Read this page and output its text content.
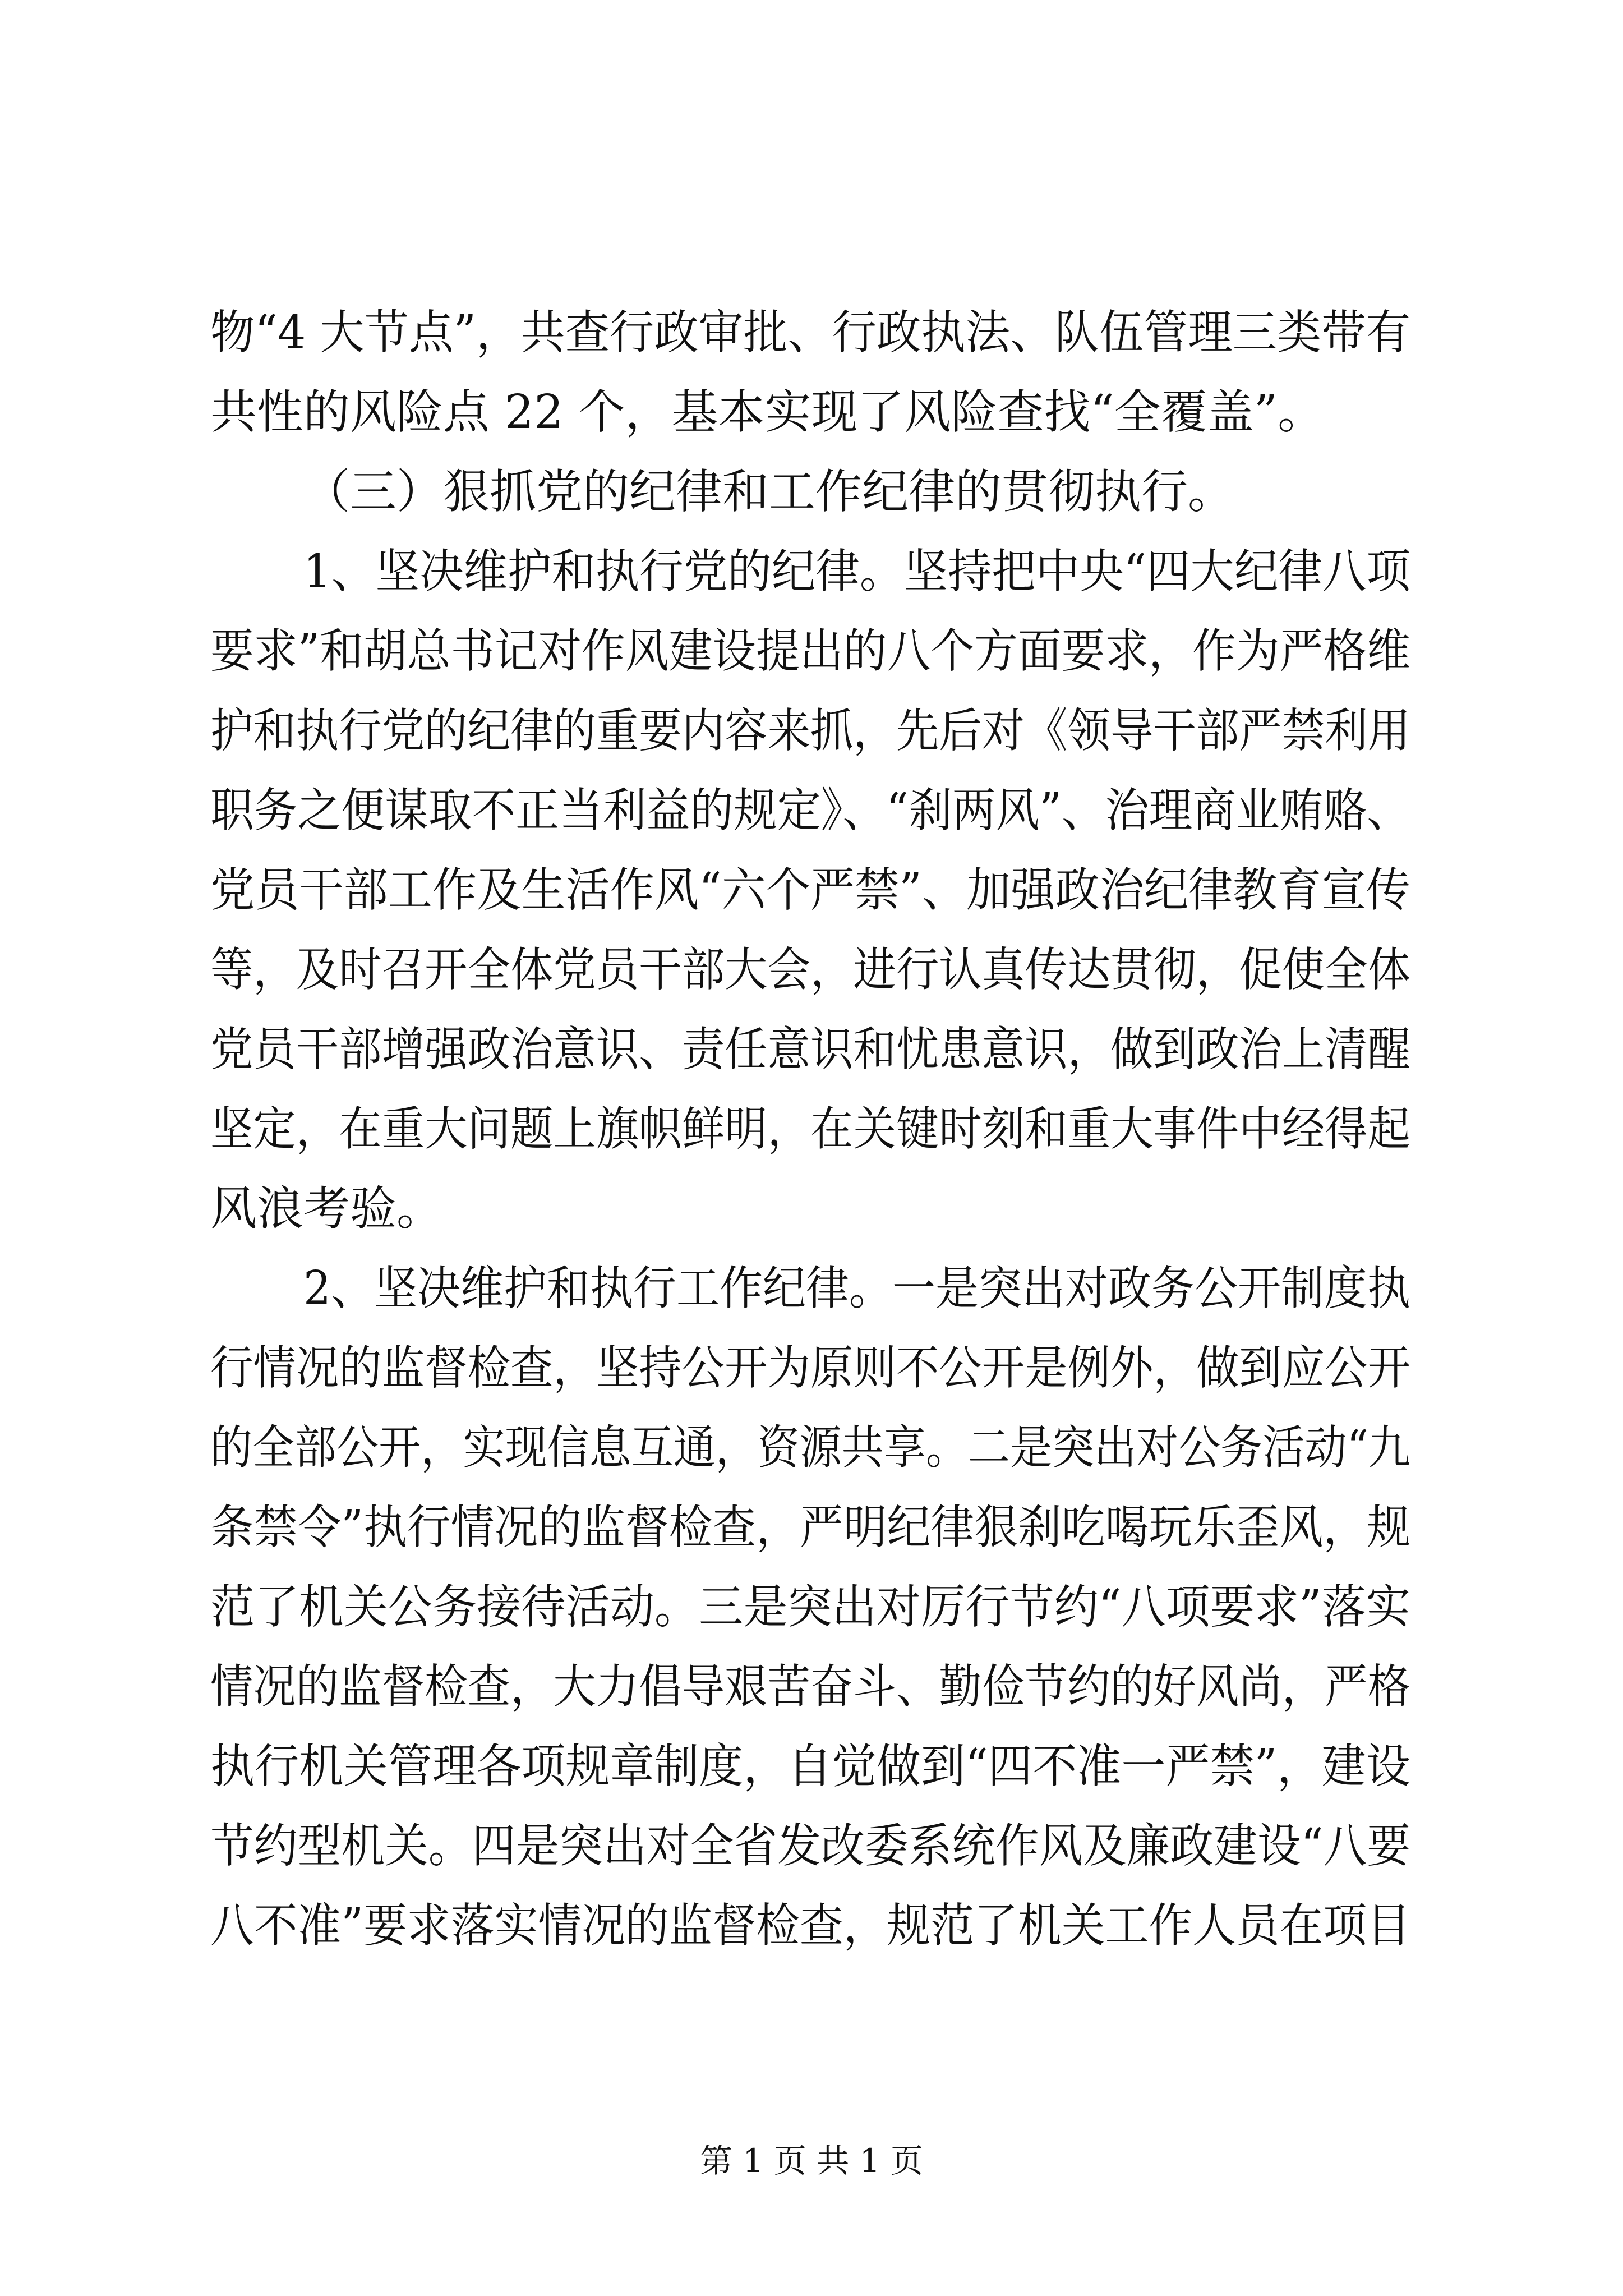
物“4 大节点”，共查行政审批、行政执法、队伍管理三类带有
共性的风险点 22 个，基本实现了风险查找“全覆盖”。
（三）狠抓党的纪律和工作纪律的贯彻执行。
1、坚决维护和执行党的纪律。坚持把中央“四大纪律八项
要求”和胡总书记对作风建设提出的八个方面要求，作为严格维
护和执行党的纪律的重要内容来抓，先后对《领导干部严禁利用
职务之便谋取不正当利益的规定》、“刹两风”、治理商业贿赂、
党员干部工作及生活作风“六个严禁”、加强政治纪律教育宣传
等，及时召开全体党员干部大会，进行认真传达贯彻，促使全体
党员干部增强政治意识、责任意识和忧患意识，做到政治上清醒
坚定，在重大问题上旗帜鲜明，在关键时刻和重大事件中经得起
风浪考验。
2、坚决维护和执行工作纪律。一是突出对政务公开制度执
行情况的监督检查，坚持公开为原则不公开是例外，做到应公开
的全部公开，实现信息互通，资源共享。二是突出对公务活动“九
条禁令”执行情况的监督检查，严明纪律狠刹吃喝玩乐歪风，规
范了机关公务接待活动。三是突出对厉行节约“八项要求”落实
情况的监督检查，大力倡导艰苦奋斗、勤俭节约的好风尚，严格
执行机关管理各项规章制度，自觉做到“四不准一严禁”，建设
节约型机关。四是突出对全省发改委系统作风及廉政建设“八要
八不准”要求落实情况的监督检查，规范了机关工作人员在项目
第 1 页 共 1 页
